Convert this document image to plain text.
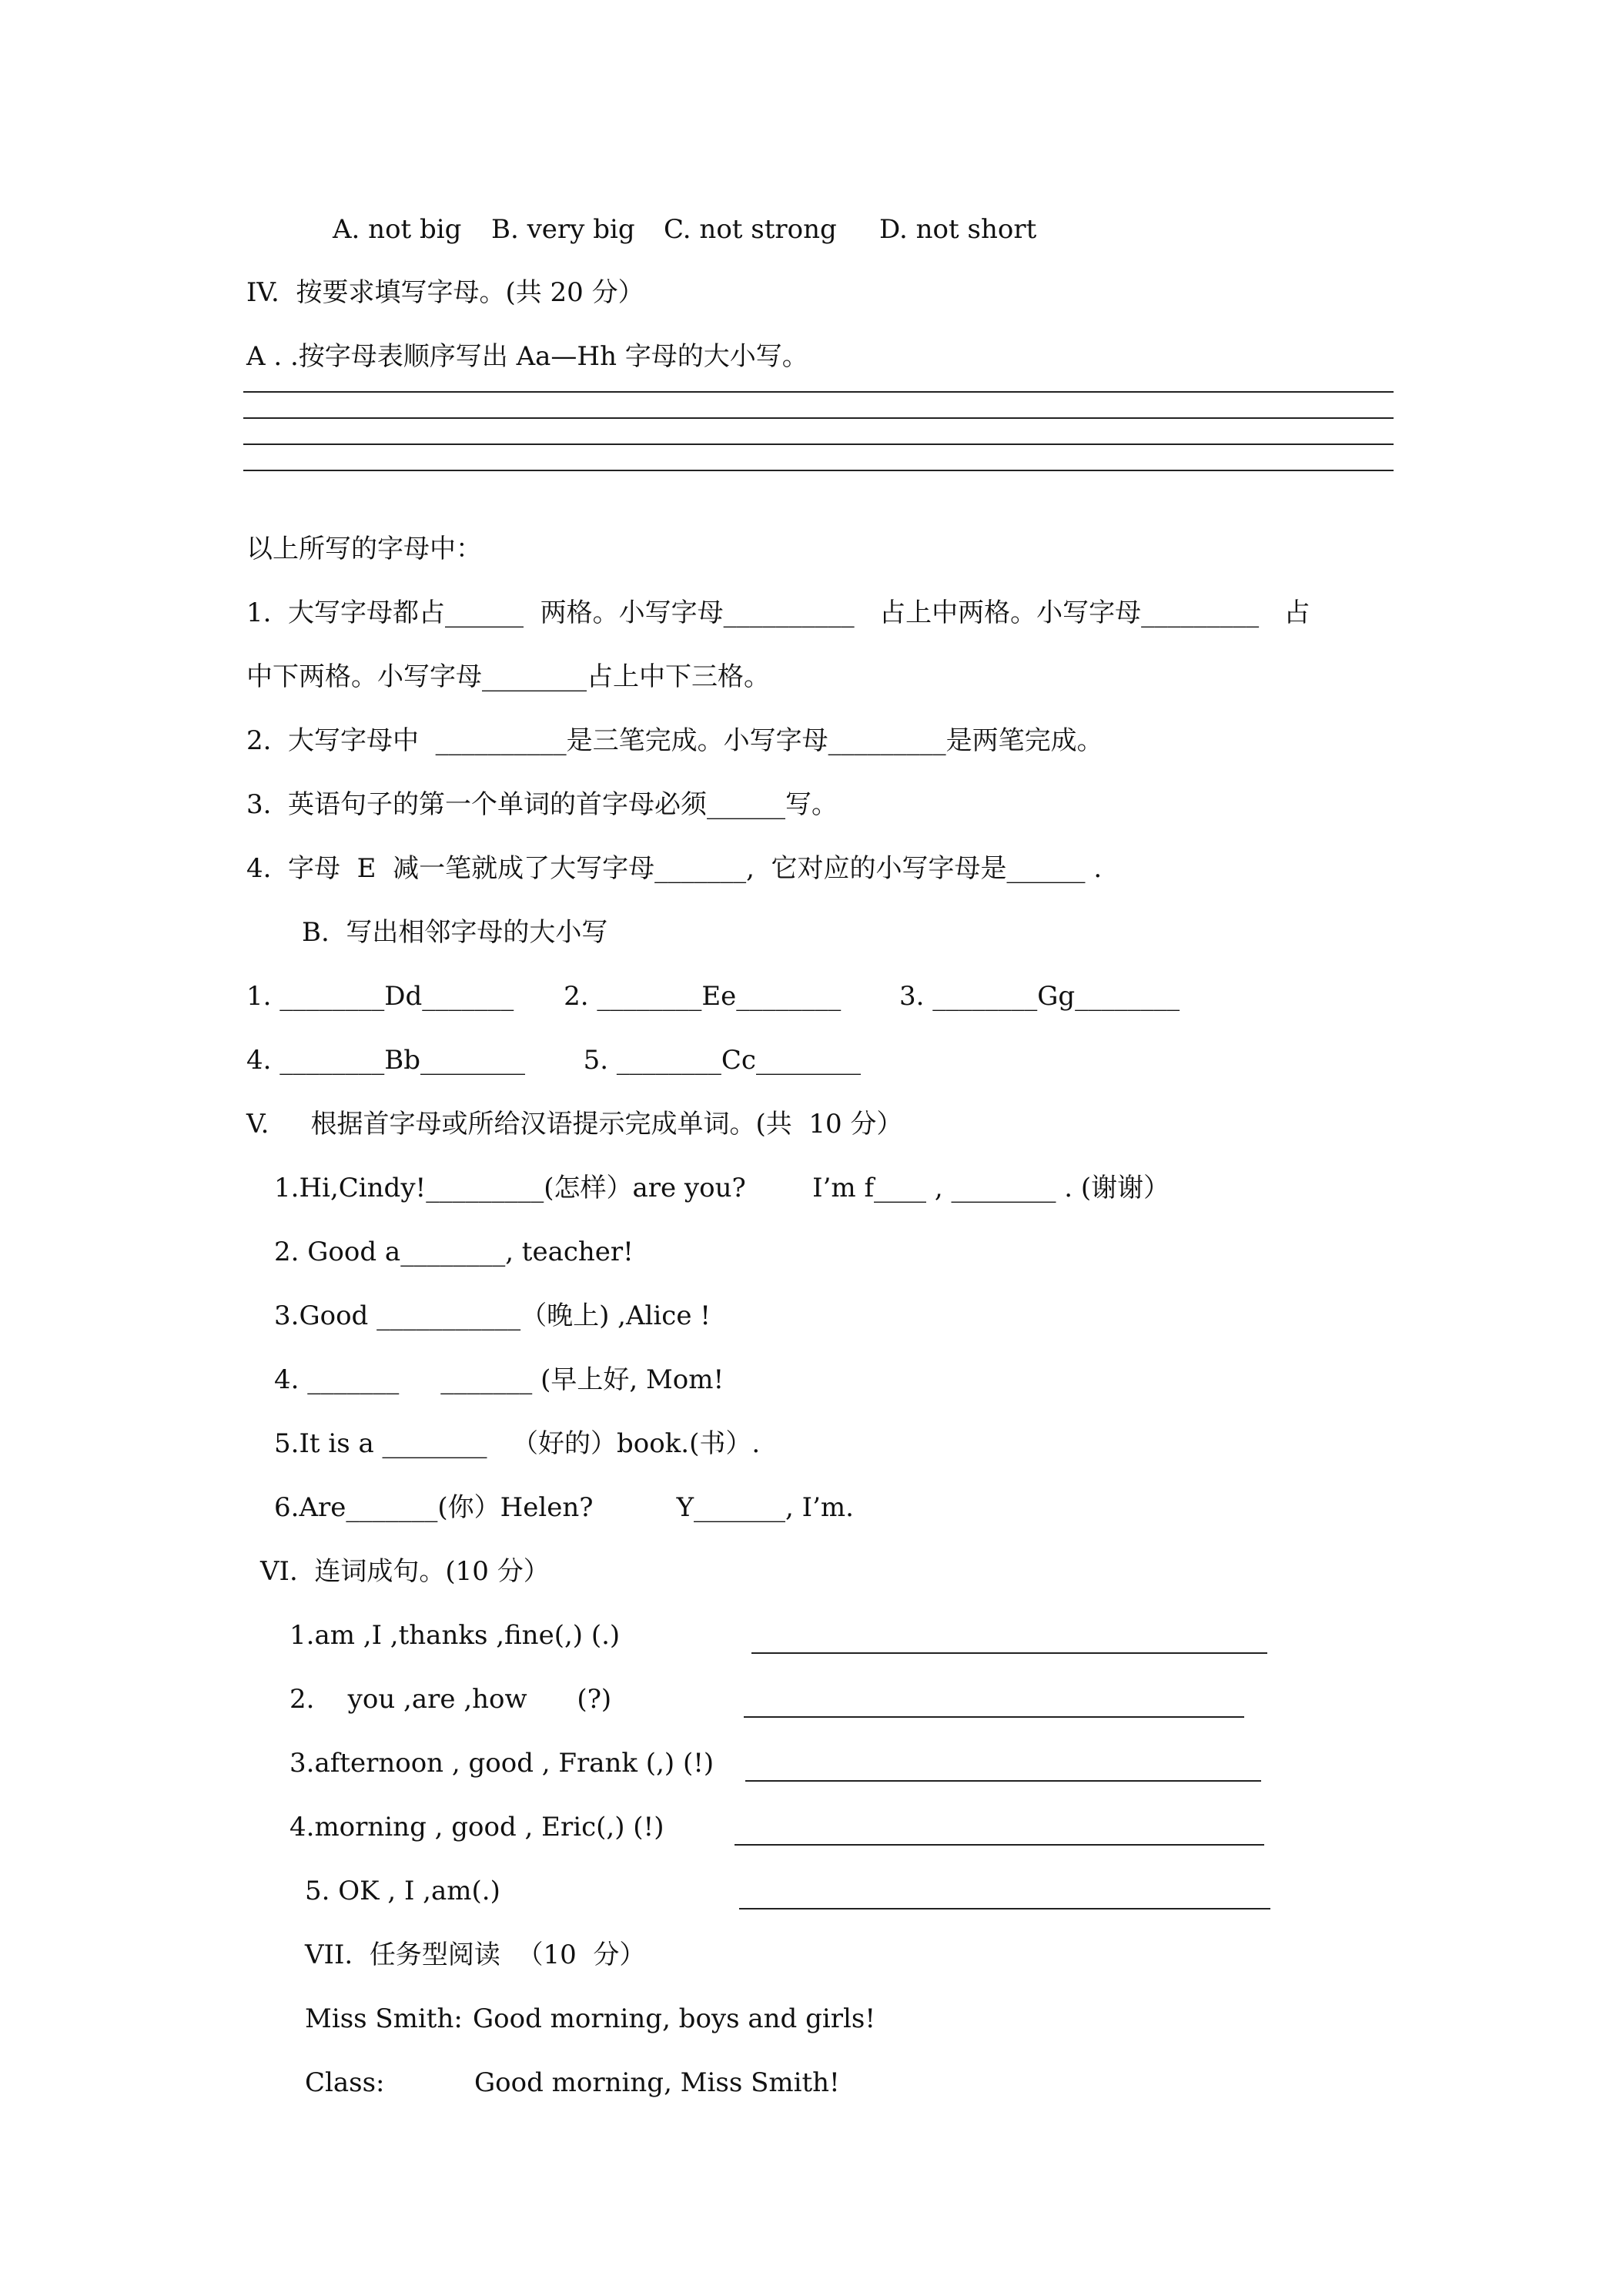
A. not big B. very big C. not strong D. not short
IV.  按要求填写字母。(共 20 分）
A . .按字母表顺序写出 Aa—Hh 字母的大小写。
以上所写的字母中：
1.  大写字母都占______  两格。小写字母__________   占上中两格。小写字母_________   占
中下两格。小写字母________占上中下三格。
2.  大写字母中  __________是三笔完成。小写字母_________是两笔完成。
3.  英语句子的第一个单词的首字母必须______写。
4.  字母  E  减一笔就成了大写字母_______,  它对应的小写字母是______ .
B.  写出相邻字母的大小写
1. ________Dd_______      2. ________Ee________       3. ________Gg________
4. ________Bb________       5. ________Cc________
V.     根据首字母或所给汉语提示完成单词。(共  10 分）
1.Hi,Cindy!_________(怎样）are you?        I’m f____ , ________ . (谢谢）
2. Good a________, teacher!
3.Good ___________（晚上) ,Alice !
4. _______     _______ (早上好, Mom!
5.It is a ________   （好的）book.(书）.
6.Are_______(你）Helen?          Y_______, I’m.
VI.  连词成句。(10 分）
1.am ,I ,thanks ,fine(,) (.)
2.    you ,are ,how      (?)
3.afternoon , good , Frank (,) (!)
4.morning , good , Eric(,) (!)
5. OK , I ,am(.)
VII.  任务型阅读  （10  分）
Miss Smith: Good morning, boys and girls!
Class:	Good morning, Miss Smith!
